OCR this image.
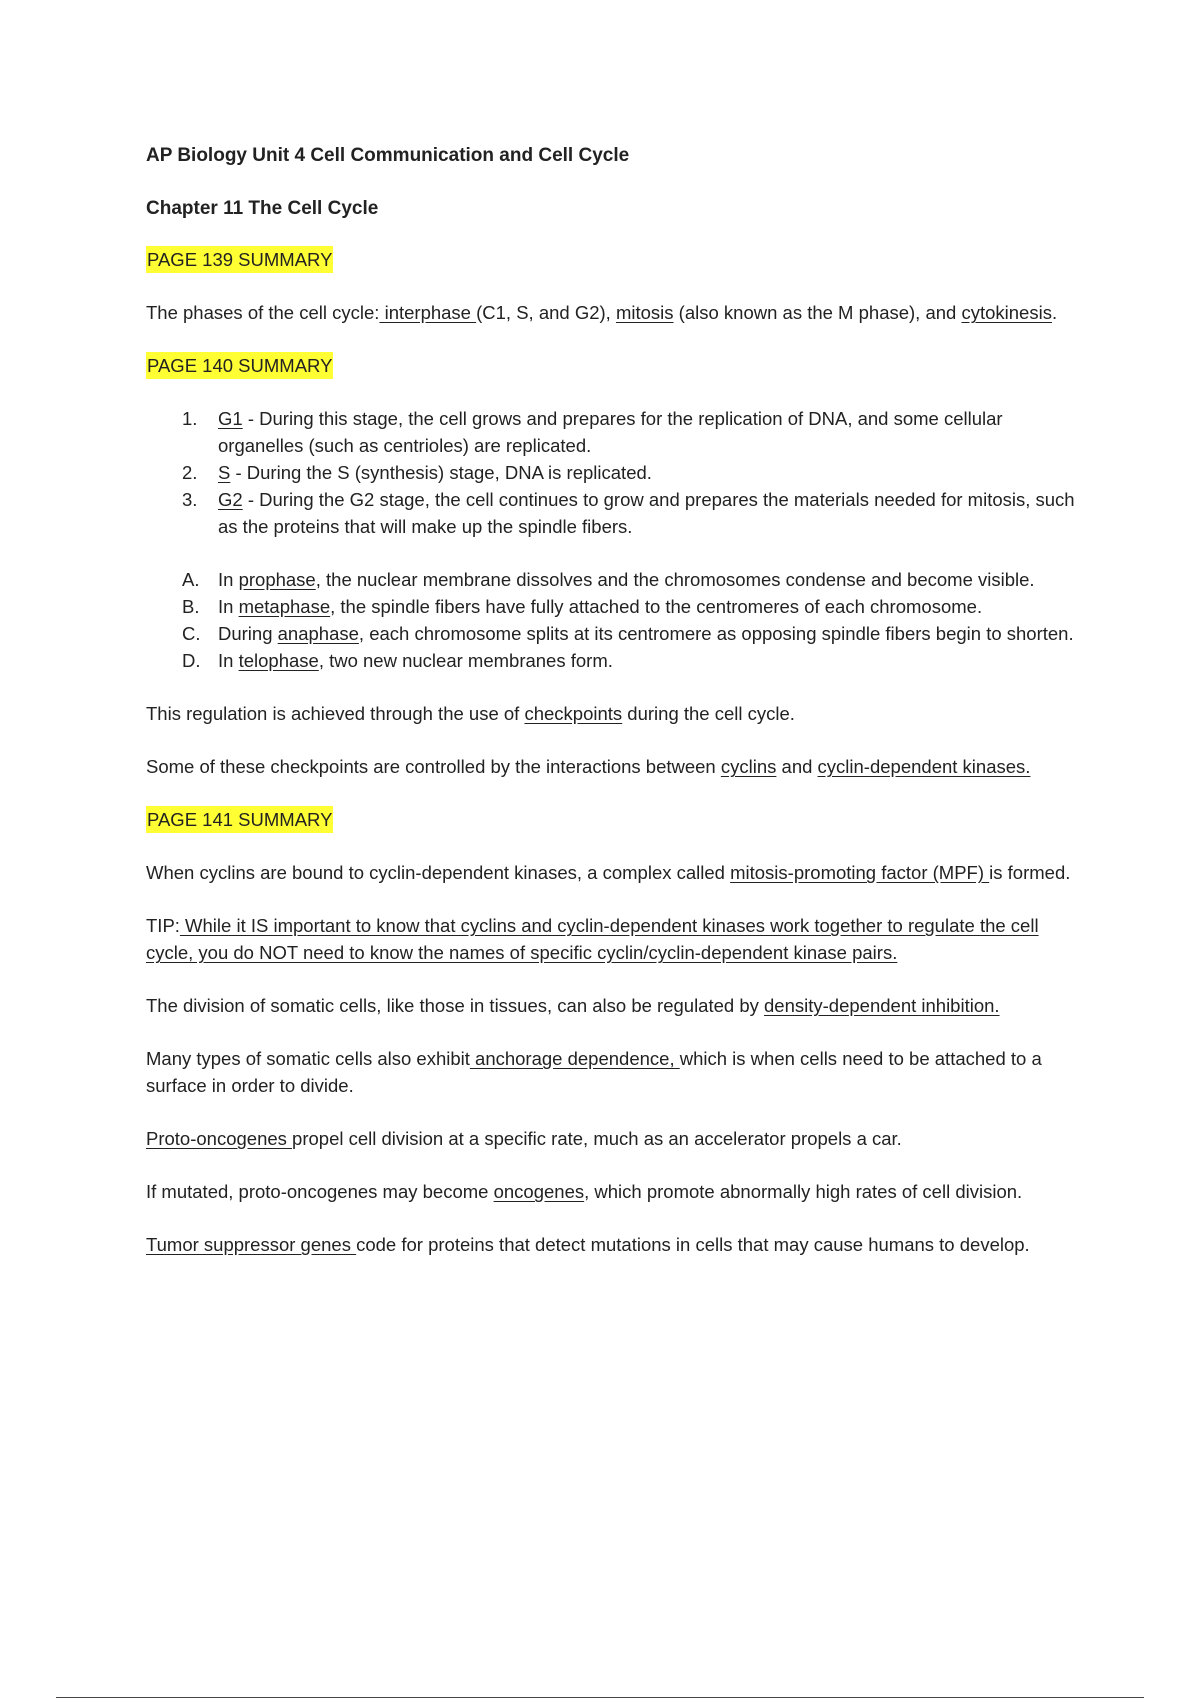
AP Biology Unit 4 Cell Communication and Cell Cycle
Chapter 11 The Cell Cycle
PAGE 139 SUMMARY

The phases of the cell cycle: interphase (C1, S, and G2), mitosis (also known as the M phase), and cytokinesis.

PAGE 140 SUMMARY
1. G1 - During this stage, the cell grows and prepares for the replication of DNA, and some cellular organelles (such as centrioles) are replicated.
2. S - During the S (synthesis) stage, DNA is replicated.
3. G2 - During the G2 stage, the cell continues to grow and prepares the materials needed for mitosis, such as the proteins that will make up the spindle fibers.
A. In prophase, the nuclear membrane dissolves and the chromosomes condense and become visible.
B. In metaphase, the spindle fibers have fully attached to the centromeres of each chromosome.
C. During anaphase, each chromosome splits at its centromere as opposing spindle fibers begin to shorten.
D. In telophase, two new nuclear membranes form.

This regulation is achieved through the use of checkpoints during the cell cycle.

Some of these checkpoints are controlled by the interactions between cyclins and cyclin-dependent kinases.

PAGE 141 SUMMARY

When cyclins are bound to cyclin-dependent kinases, a complex called mitosis-promoting factor (MPF) is formed.

TIP: While it IS important to know that cyclins and cyclin-dependent kinases work together to regulate the cell cycle, you do NOT need to know the names of specific cyclin/cyclin-dependent kinase pairs.

The division of somatic cells, like those in tissues, can also be regulated by density-dependent inhibition.

Many types of somatic cells also exhibit anchorage dependence, which is when cells need to be attached to a surface in order to divide.

Proto-oncogenes propel cell division at a specific rate, much as an accelerator propels a car.

If mutated, proto-oncogenes may become oncogenes, which promote abnormally high rates of cell division.

Tumor suppressor genes code for proteins that detect mutations in cells that may cause humans to develop.
